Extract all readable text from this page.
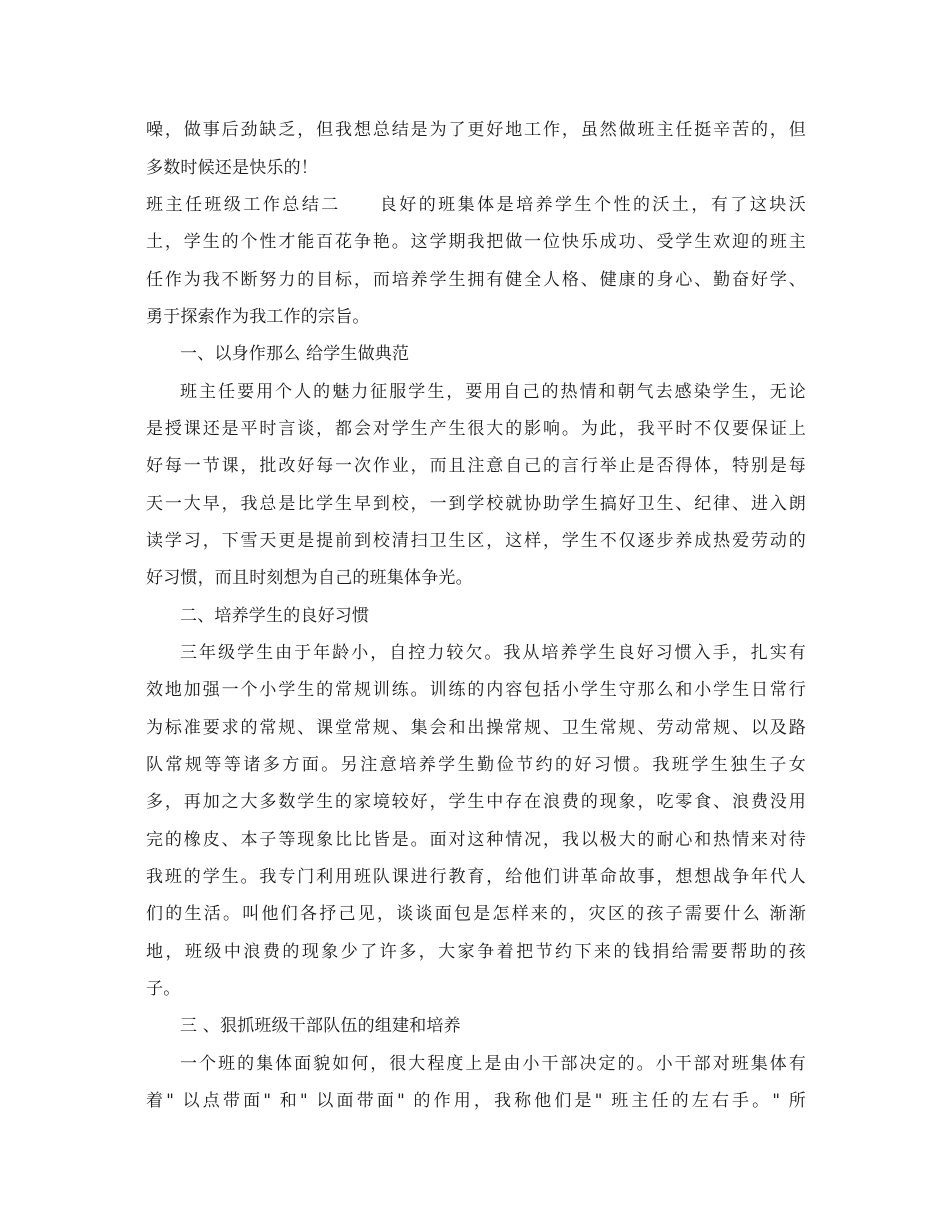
噪，做事后劲缺乏，但我想总结是为了更好地工作，虽然做班主任挺辛苦的，但
多数时候还是快乐的！
班主任班级工作总结二　　良好的班集体是培养学生个性的沃土，有了这块沃
土，学生的个性才能百花争艳。这学期我把做一位快乐成功、受学生欢迎的班主
任作为我不断努力的目标，而培养学生拥有健全人格、健康的身心、勤奋好学、
勇于探索作为我工作的宗旨。
一、以身作那么 给学生做典范
班主任要用个人的魅力征服学生，要用自己的热情和朝气去感染学生，无论
是授课还是平时言谈，都会对学生产生很大的影响。为此，我平时不仅要保证上
好每一节课，批改好每一次作业，而且注意自己的言行举止是否得体，特别是每
天一大早，我总是比学生早到校，一到学校就协助学生搞好卫生、纪律、进入朗
读学习，下雪天更是提前到校清扫卫生区，这样，学生不仅逐步养成热爱劳动的
好习惯，而且时刻想为自己的班集体争光。
二、培养学生的良好习惯
三年级学生由于年龄小，自控力较欠。我从培养学生良好习惯入手，扎实有
效地加强一个小学生的常规训练。训练的内容包括小学生守那么和小学生日常行
为标准要求的常规、课堂常规、集会和出操常规、卫生常规、劳动常规、以及路
队常规等等诸多方面。另注意培养学生勤俭节约的好习惯。我班学生独生子女
多，再加之大多数学生的家境较好，学生中存在浪费的现象，吃零食、浪费没用
完的橡皮、本子等现象比比皆是。面对这种情况，我以极大的耐心和热情来对待
我班的学生。我专门利用班队课进行教育，给他们讲革命故事，想想战争年代人
们的生活。叫他们各抒己见，谈谈面包是怎样来的，灾区的孩子需要什么 渐渐
地，班级中浪费的现象少了许多，大家争着把节约下来的钱捐给需要帮助的孩
子。
三 、狠抓班级干部队伍的组建和培养
一个班的集体面貌如何，很大程度上是由小干部决定的。小干部对班集体有
着" 以点带面" 和" 以面带面" 的作用，我称他们是" 班主任的左右手。" 所
